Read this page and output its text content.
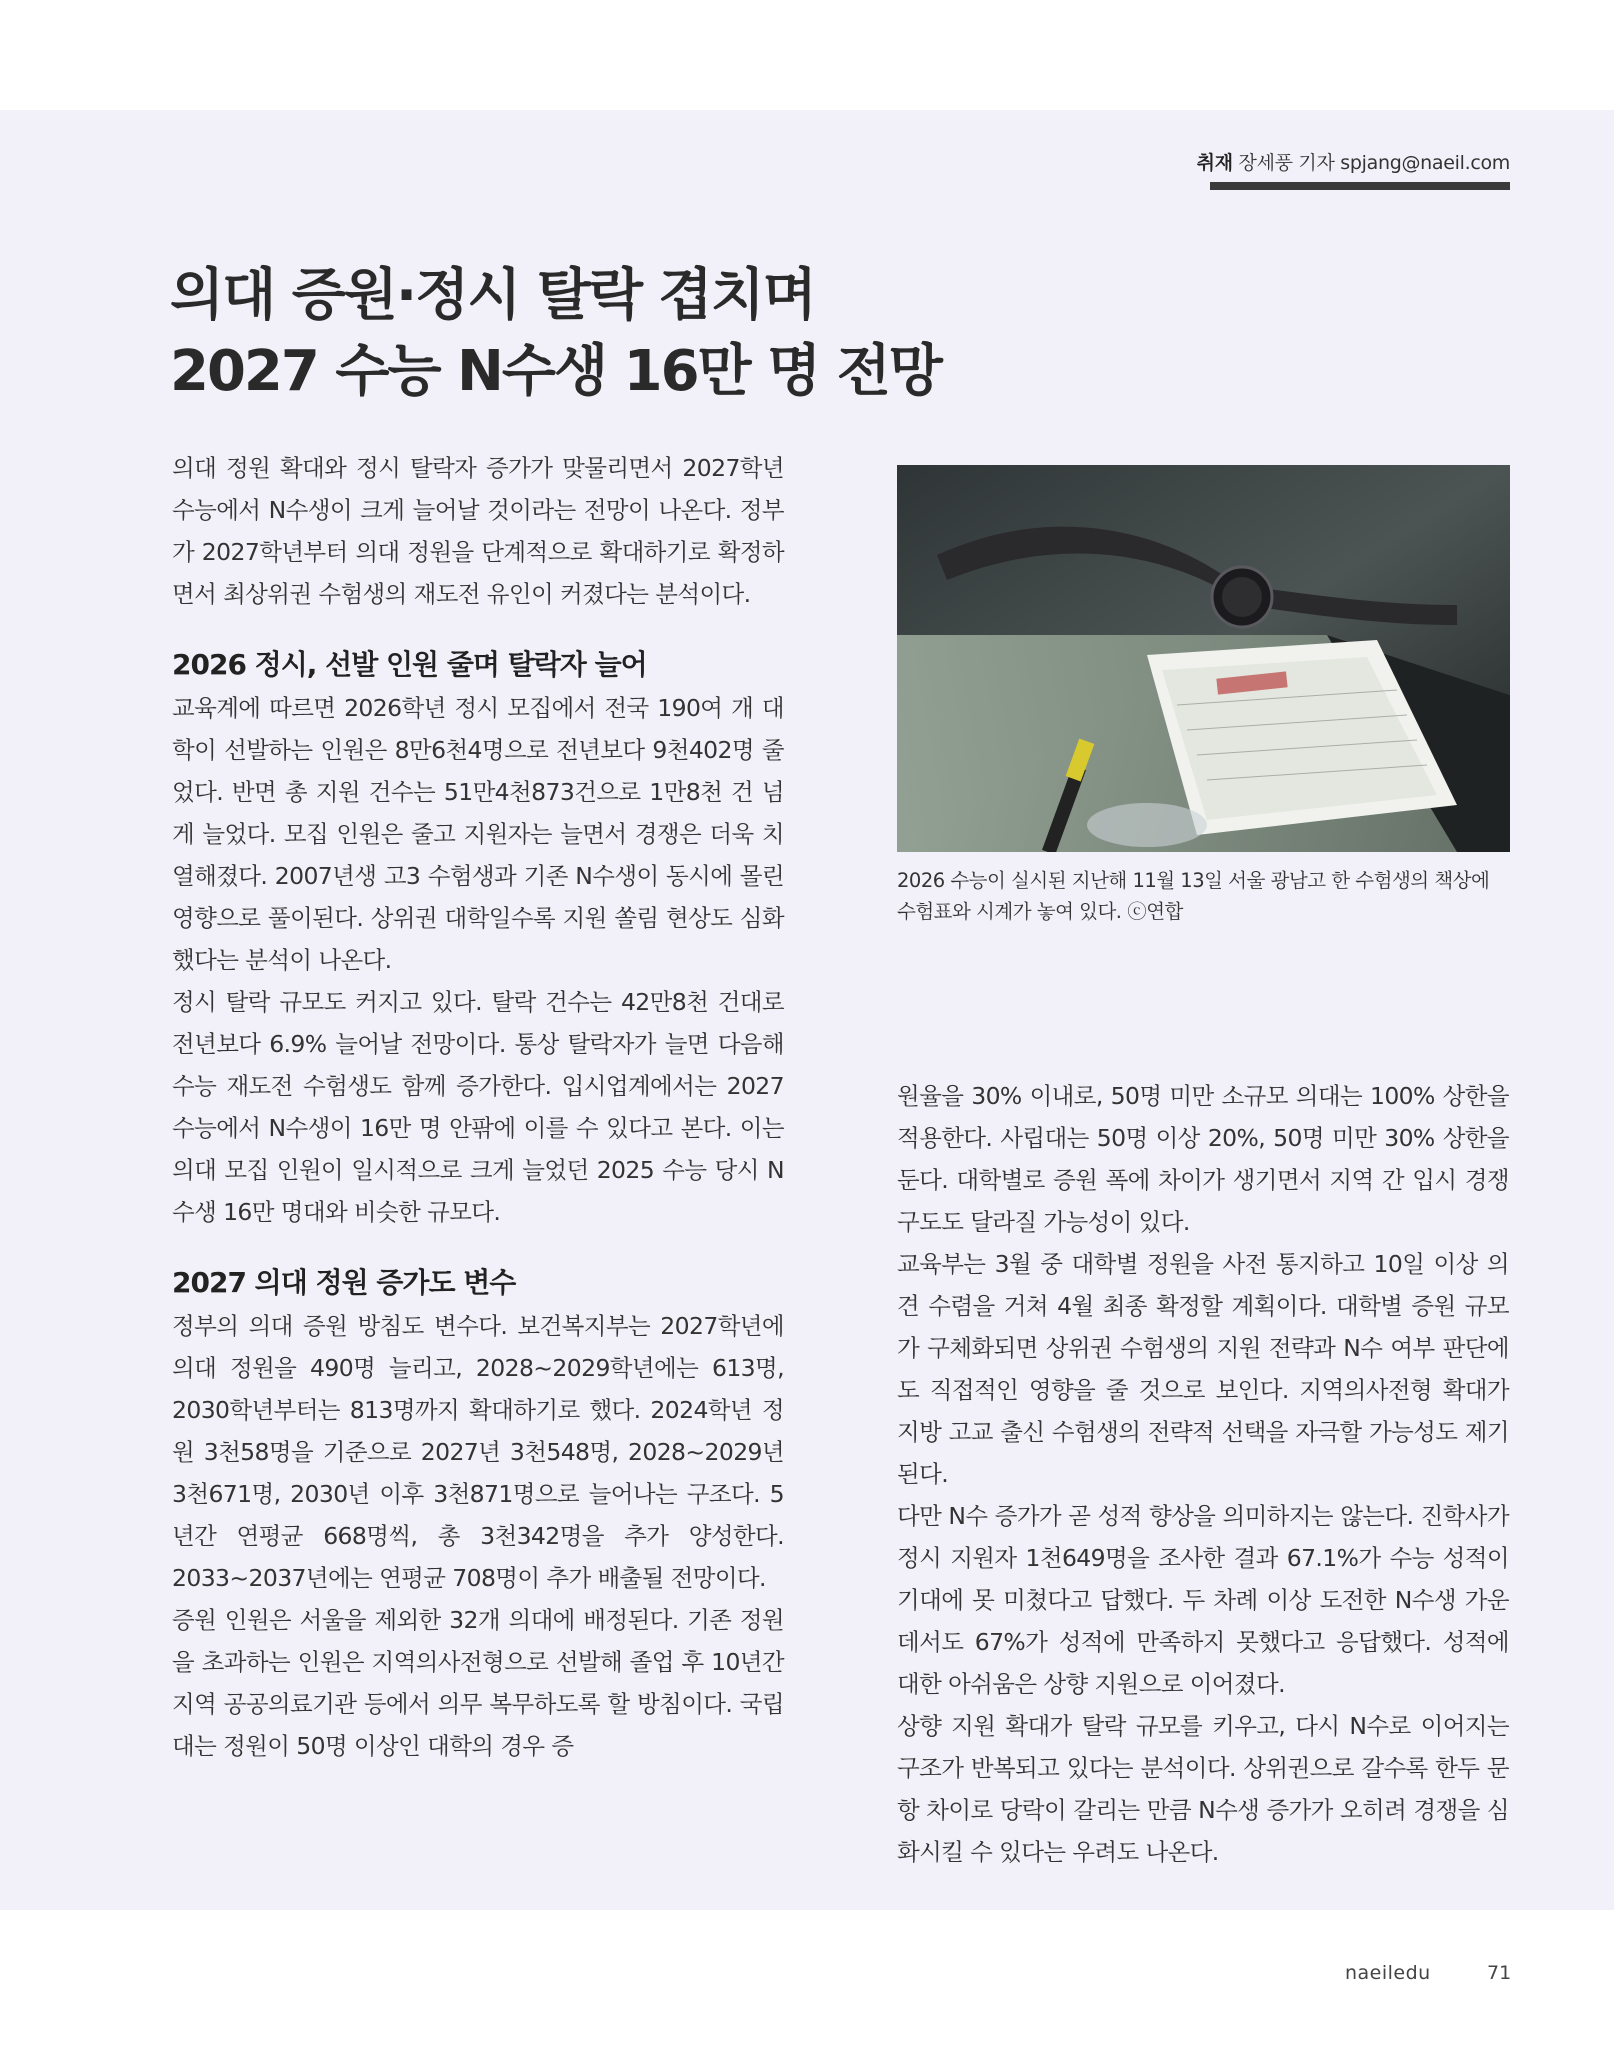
취재 장세풍 기자 spjang@naeil.com
의대 증원·정시 탈락 겹치며
2027 수능 N수생 16만 명 전망

의대 정원 확대와 정시 탈락자 증가가 맞물리면서 2027학년 수능에서 N수생이 크게 늘어날 것이라는 전망이 나온다. 정부가 2027학년부터 의대 정원을 단계적으로 확대하기로 확정하면서 최상위권 수험생의 재도전 유인이 커졌다는 분석이다.

2026 정시, 선발 인원 줄며 탈락자 늘어

교육계에 따르면 2026학년 정시 모집에서 전국 190여 개 대학이 선발하는 인원은 8만6천4명으로 전년보다 9천402명 줄었다. 반면 총 지원 건수는 51만4천873건으로 1만8천 건 넘게 늘었다. 모집 인원은 줄고 지원자는 늘면서 경쟁은 더욱 치열해졌다. 2007년생 고3 수험생과 기존 N수생이 동시에 몰린 영향으로 풀이된다. 상위권 대학일수록 지원 쏠림 현상도 심화했다는 분석이 나온다.

정시 탈락 규모도 커지고 있다. 탈락 건수는 42만8천 건대로 전년보다 6.9% 늘어날 전망이다. 통상 탈락자가 늘면 다음해 수능 재도전 수험생도 함께 증가한다. 입시업계에서는 2027 수능에서 N수생이 16만 명 안팎에 이를 수 있다고 본다. 이는 의대 모집 인원이 일시적으로 크게 늘었던 2025 수능 당시 N수생 16만 명대와 비슷한 규모다.

2027 의대 정원 증가도 변수

정부의 의대 증원 방침도 변수다. 보건복지부는 2027학년에 의대 정원을 490명 늘리고, 2028~2029학년에는 613명, 2030학년부터는 813명까지 확대하기로 했다. 2024학년 정원 3천58명을 기준으로 2027년 3천548명, 2028~2029년 3천671명, 2030년 이후 3천871명으로 늘어나는 구조다. 5년간 연평균 668명씩, 총 3천342명을 추가 양성한다. 2033~2037년에는 연평균 708명이 추가 배출될 전망이다.

증원 인원은 서울을 제외한 32개 의대에 배정된다. 기존 정원을 초과하는 인원은 지역의사전형으로 선발해 졸업 후 10년간 지역 공공의료기관 등에서 의무 복무하도록 할 방침이다. 국립대는 정원이 50명 이상인 대학의 경우 증

2026 수능이 실시된 지난해 11월 13일 서울 광남고 한 수험생의 책상에 수험표와 시계가 놓여 있다. ⓒ연합

원율을 30% 이내로, 50명 미만 소규모 의대는 100% 상한을 적용한다. 사립대는 50명 이상 20%, 50명 미만 30% 상한을 둔다. 대학별로 증원 폭에 차이가 생기면서 지역 간 입시 경쟁 구도도 달라질 가능성이 있다.

교육부는 3월 중 대학별 정원을 사전 통지하고 10일 이상 의견 수렴을 거쳐 4월 최종 확정할 계획이다. 대학별 증원 규모가 구체화되면 상위권 수험생의 지원 전략과 N수 여부 판단에도 직접적인 영향을 줄 것으로 보인다. 지역의사전형 확대가 지방 고교 출신 수험생의 전략적 선택을 자극할 가능성도 제기된다.

다만 N수 증가가 곧 성적 향상을 의미하지는 않는다. 진학사가 정시 지원자 1천649명을 조사한 결과 67.1%가 수능 성적이 기대에 못 미쳤다고 답했다. 두 차례 이상 도전한 N수생 가운데서도 67%가 성적에 만족하지 못했다고 응답했다. 성적에 대한 아쉬움은 상향 지원으로 이어졌다.

상향 지원 확대가 탈락 규모를 키우고, 다시 N수로 이어지는 구조가 반복되고 있다는 분석이다. 상위권으로 갈수록 한두 문항 차이로 당락이 갈리는 만큼 N수생 증가가 오히려 경쟁을 심화시킬 수 있다는 우려도 나온다.

naeiledu	71
